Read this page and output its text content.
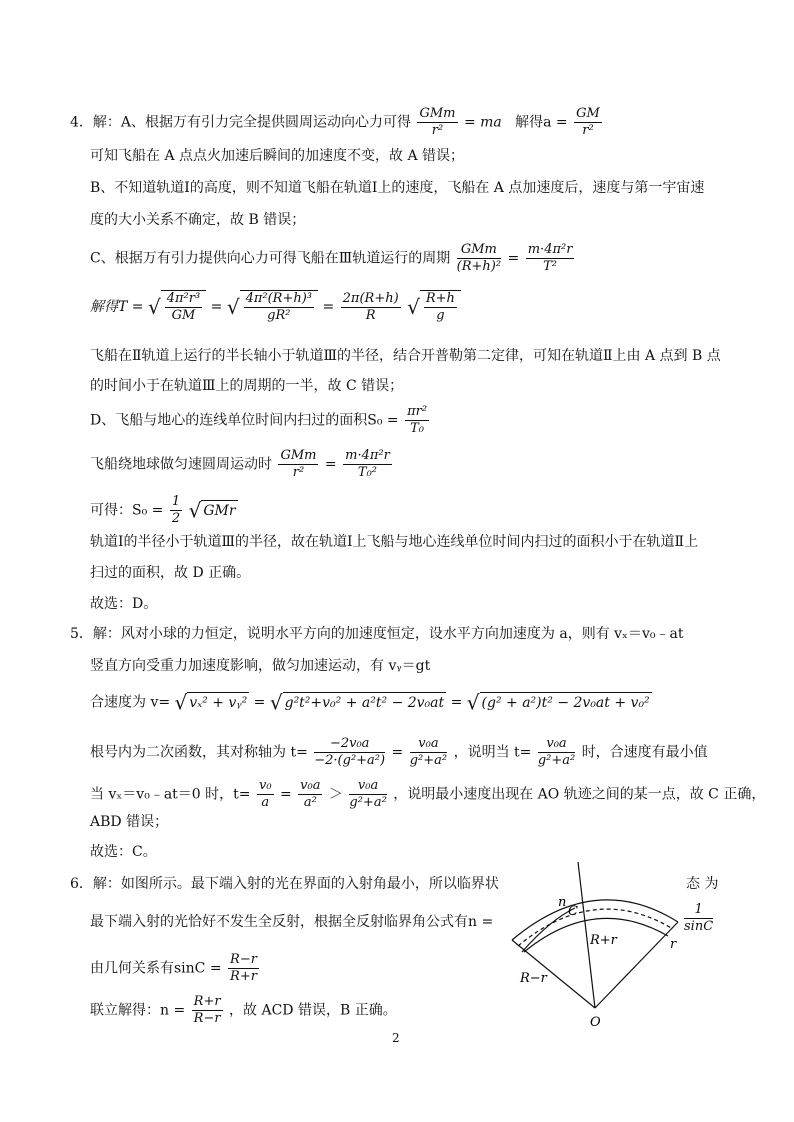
4．解：A、根据万有引力完全提供圆周运动向心力可得 $\frac{\text{GMm}}{\text{r²}}$ = ma 解得$a = \frac{GM}{\text{r²}}$
可知飞船在 A 点点火加速后瞬间的加速度不变，故 A 错误；
B、不知道轨道Ⅰ的高度，则不知道飞船在轨道Ⅰ上的速度，飞船在 A 点加速度后，速度与第一宇宙速
度的大小关系不确定，故 B 错误；
C、根据万有引力提供向心力可得飞船在Ⅲ轨道运行的周期 $\frac{\text{GMm}}{\text{(R+h)²}} = \frac{\text{m·4π²r}}{\text{T²}}$
解得T = √ $\frac{\text{4π²r³}}{GM}$ = √ $\frac{\text{4π²(R+h)³}}{\text{gR²}} = \frac{2\pi(R+h)}{R}$ √ $\frac{R+h}{g}$
飞船在Ⅱ轨道上运行的半长轴小于轨道Ⅲ的半径，结合开普勒第二定律，可知在轨道Ⅱ上由 A 点到 B 点
的时间小于在轨道Ⅲ上的周期的一半，故 C 错误；
D、飞船与地心的连线单位时间内扫过的面积$S_0 = \frac{\text{πr²}}{\text{T₀}}$
飞船绕地球做匀速圆周运动时 $\frac{\text{GMm}}{\text{r²}} = \frac{\text{m·4π²r}}{\text{T₀²}}$
可得：$S_0 = \frac{1}{2}$ √ GMr
轨道Ⅰ的半径小于轨道Ⅲ的半径，故在轨道Ⅰ上飞船与地心连线单位时间内扫过的面积小于在轨道Ⅱ上
扫过的面积，故 D 正确。
故选：D。
5．解：风对小球的力恒定，说明水平方向的加速度恒定，设水平方向加速度为 a，则有 vₓ＝v₀﹣at
竖直方向受重力加速度影响，做匀加速运动，有 vᵧ＝gt
合速度为 v= √ vₓ² + vᵧ² = √ g²t²+v₀² + a²t² − 2v₀at = √ (g² + a²)t² − 2v₀at + v₀²
根号内为二次函数，其对称轴为 $t= \frac{\text{−2v₀a}}{\text{−2·(g²+a²)}} = \frac{\text{v₀a}}{\text{g²+a²}}$ ，说明当 $t= \frac{\text{v₀a}}{\text{g²+a²}}$ 时，合速度有最小值
当 vₓ＝v₀﹣at＝0 时，$t= \frac{\text{v₀}}{a} = \frac{\text{v₀a}}{\text{a²}} > \frac{\text{v₀a}}{\text{g²+a²}}$ ，说明最小速度出现在 AO 轨迹之间的某一点，故 C 正确，
ABD 错误；
故选：C。
6．解：如图所示。最下端入射的光在界面的入射角最小，所以临界状	态 为
最下端入射的光恰好不发生全反射，根据全反射临界角公式有n =	$\frac{1}{\sin C}$
由几何关系有$\sin C = \frac{R-r}{R+r}$
联立解得：$n = \frac{R+r}{R-r}$ ，故 ACD 错误，B 正确。
n
C
R+r	r
R−r
O
2
